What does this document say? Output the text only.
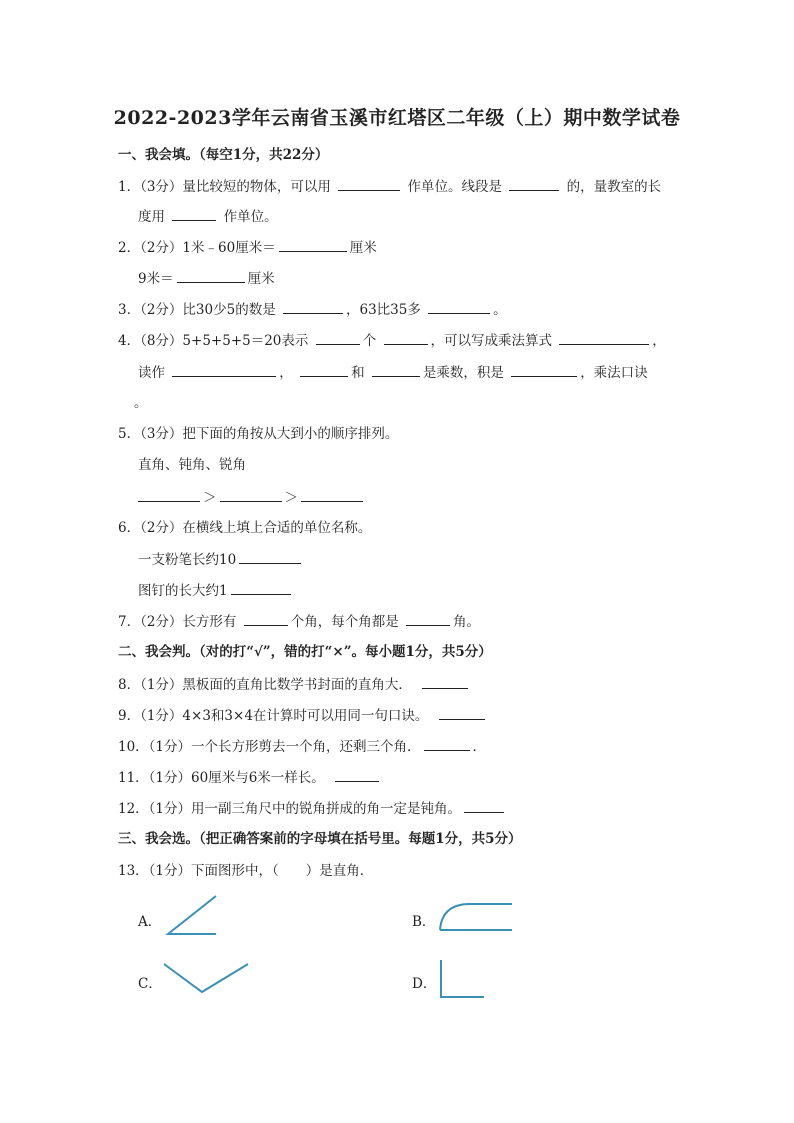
2022-2023学年云南省玉溪市红塔区二年级（上）期中数学试卷
一、我会填。（每空1分，共22分）
1．（3分）量比较短的物体，可以用	作单位。线段是	的，量教室的长
度用	作单位。
2．（2分）1米﹣60厘米＝	厘米
9米＝	厘米
3．（2分）比30少5的数是	，63比35多	。
4．（8分）5+5+5+5＝20表示	个	，可以写成乘法算式	，
读作	，	和	是乘数，积是	，乘法口诀
。
5．（3分）把下面的角按从大到小的顺序排列。
直角、钝角、锐角
＞	＞
6．（2分）在横线上填上合适的单位名称。
一支粉笔长约10
图钉的长大约1
7．（2分）长方形有	个角，每个角都是	角。
二、我会判。（对的打“√”，错的打“×”。每小题1分，共5分）
8．（1分）黑板面的直角比数学书封面的直角大．
9．（1分）4×3和3×4在计算时可以用同一句口诀。
10．（1分）一个长方形剪去一个角，还剩三个角．	．
11．（1分）60厘米与6米一样长。
12．（1分）用一副三角尺中的锐角拼成的角一定是钝角。
三、我会选。（把正确答案前的字母填在括号里。每题1分，共5分）
13．（1分）下面图形中，（　　）是直角．
A．	B．
C．	D．
